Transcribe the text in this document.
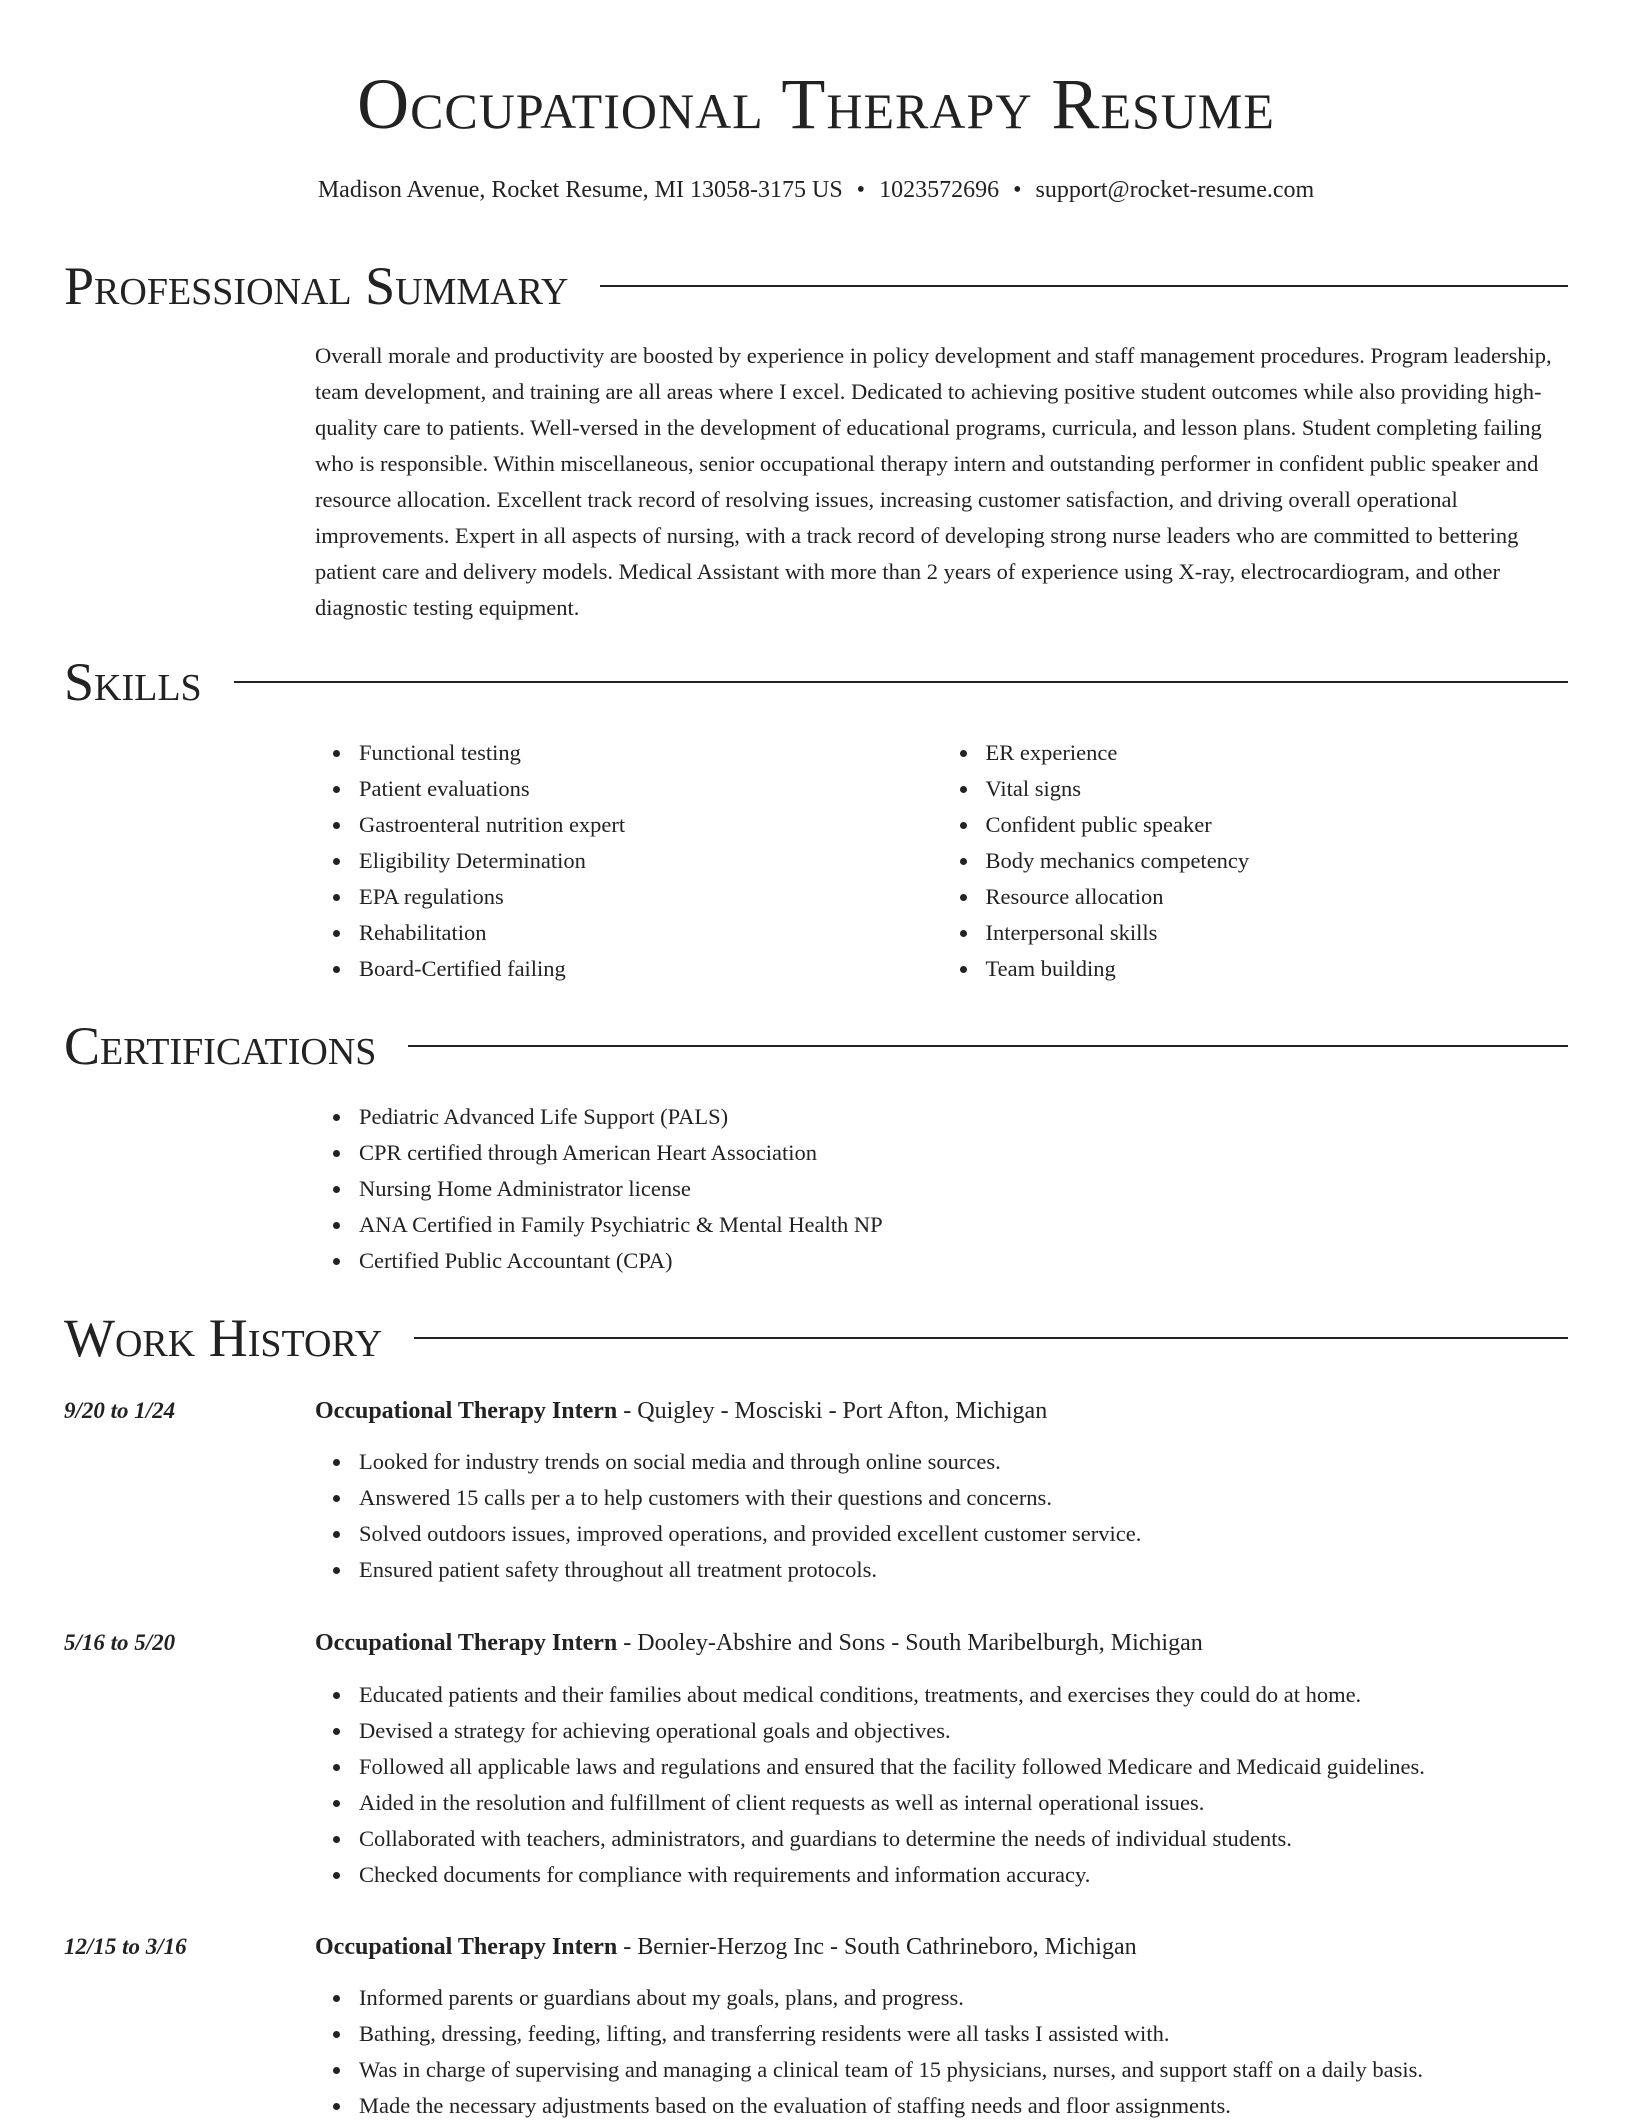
Occupational Therapy Resume
Madison Avenue, Rocket Resume, MI 13058-3175 US • 1023572696 • support@rocket-resume.com
Professional Summary

Overall morale and productivity are boosted by experience in policy development and staff management procedures. Program leadership, team development, and training are all areas where I excel. Dedicated to achieving positive student outcomes while also providing high-quality care to patients. Well-versed in the development of educational programs, curricula, and lesson plans. Student completing failing who is responsible. Within miscellaneous, senior occupational therapy intern and outstanding performer in confident public speaker and resource allocation. Excellent track record of resolving issues, increasing customer satisfaction, and driving overall operational improvements. Expert in all aspects of nursing, with a track record of developing strong nurse leaders who are committed to bettering patient care and delivery models. Medical Assistant with more than 2 years of experience using X-ray, electrocardiogram, and other diagnostic testing equipment.

Skills
Functional testing
Patient evaluations
Gastroenteral nutrition expert
Eligibility Determination
EPA regulations
Rehabilitation
Board-Certified failing
ER experience
Vital signs
Confident public speaker
Body mechanics competency
Resource allocation
Interpersonal skills
Team building
Certifications
Pediatric Advanced Life Support (PALS)
CPR certified through American Heart Association
Nursing Home Administrator license
ANA Certified in Family Psychiatric & Mental Health NP
Certified Public Accountant (CPA)
Work History
9/20 to 1/24	Occupational Therapy Intern - Quigley - Mosciski - Port Afton, Michigan
Looked for industry trends on social media and through online sources.
Answered 15 calls per a to help customers with their questions and concerns.
Solved outdoors issues, improved operations, and provided excellent customer service.
Ensured patient safety throughout all treatment protocols.
5/16 to 5/20	Occupational Therapy Intern - Dooley-Abshire and Sons - South Maribelburgh, Michigan
Educated patients and their families about medical conditions, treatments, and exercises they could do at home.
Devised a strategy for achieving operational goals and objectives.
Followed all applicable laws and regulations and ensured that the facility followed Medicare and Medicaid guidelines.
Aided in the resolution and fulfillment of client requests as well as internal operational issues.
Collaborated with teachers, administrators, and guardians to determine the needs of individual students.
Checked documents for compliance with requirements and information accuracy.
12/15 to 3/16	Occupational Therapy Intern - Bernier-Herzog Inc - South Cathrineboro, Michigan
Informed parents or guardians about my goals, plans, and progress.
Bathing, dressing, feeding, lifting, and transferring residents were all tasks I assisted with.
Was in charge of supervising and managing a clinical team of 15 physicians, nurses, and support staff on a daily basis.
Made the necessary adjustments based on the evaluation of staffing needs and floor assignments.
